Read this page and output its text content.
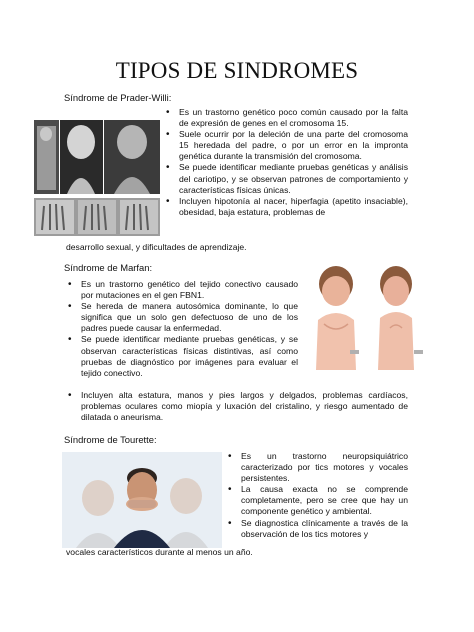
TIPOS DE SINDROMES
Síndrome de Prader-Willi:
• Es un trastorno genético poco común causado por la falta de expresión de genes en el cromosoma 15.
• Suele ocurrir por la deleción de una parte del cromosoma 15 heredada del padre, o por un error en la impronta genética durante la transmisión del cromosoma.
• Se puede identificar mediante pruebas genéticas y análisis del cariotipo, y se observan patrones de comportamiento y características físicas únicas.
• Incluyen hipotonía al nacer, hiperfagia (apetito insaciable), obesidad, baja estatura, problemas de
desarrollo sexual, y dificultades de aprendizaje.
Síndrome de Marfan:
• Es un trastorno genético del tejido conectivo causado por mutaciones en el gen FBN1.
• Se hereda de manera autosómica dominante, lo que significa que un solo gen defectuoso de uno de los padres puede causar la enfermedad.
• Se puede identificar mediante pruebas genéticas, y se observan características físicas distintivas, así como pruebas de diagnóstico por imágenes para evaluar el tejido conectivo.
• Incluyen alta estatura, manos y pies largos y delgados, problemas cardíacos, problemas oculares como miopía y luxación del cristalino, y riesgo aumentado de dilatada o aneurisma.
Síndrome de Tourette:
• Es un trastorno neuropsiquiátrico caracterizado por tics motores y vocales persistentes.
• La causa exacta no se comprende completamente, pero se cree que hay un componente genético y ambiental.
• Se diagnostica clínicamente a través de la observación de los tics motores y
vocales característicos durante al menos un año.
